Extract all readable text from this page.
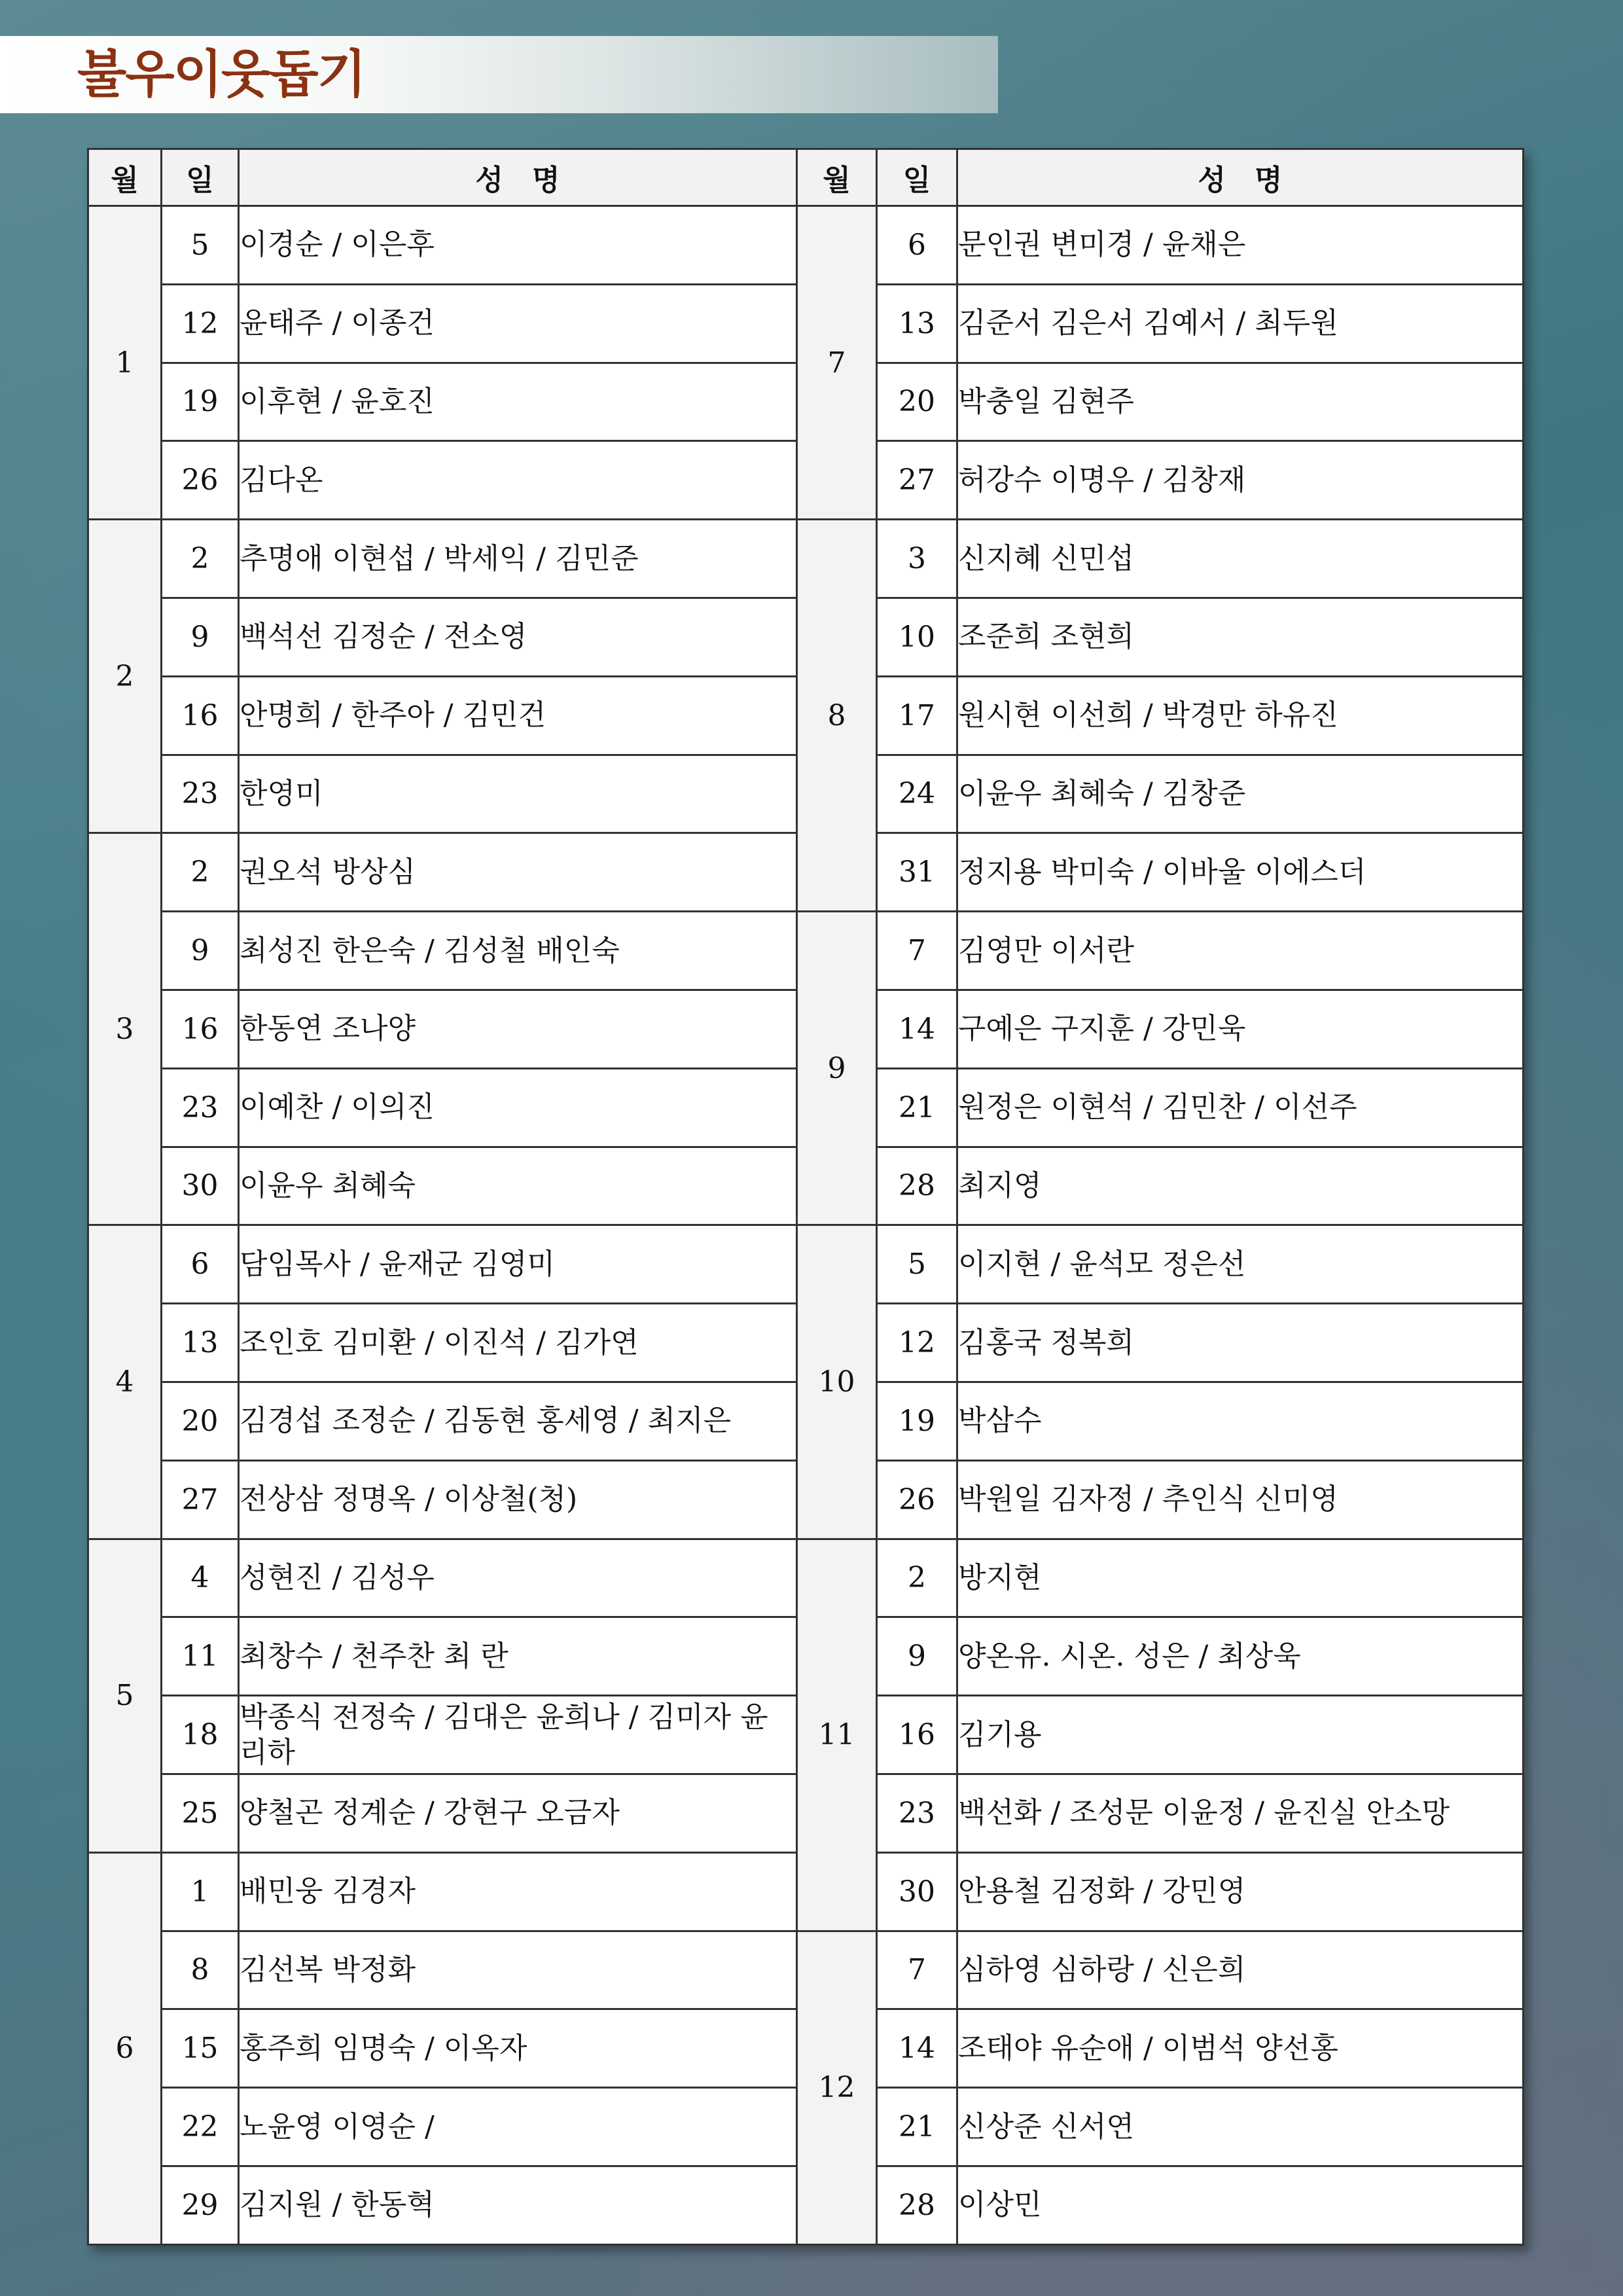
불우이웃돕기
월	일	성　명	월	일	성　명
1	5	이경순 / 이은후	7	6	문인권 변미경 / 윤채은
	12	윤태주 / 이종건		13	김준서 김은서 김예서 / 최두원
	19	이후현 / 윤호진		20	박충일 김현주
	26	김다온		27	허강수 이명우 / 김창재
2	2	추명애 이현섭 / 박세익 / 김민준	8	3	신지혜 신민섭
	9	백석선 김정순 / 전소영		10	조준희 조현희
	16	안명희 / 한주아 / 김민건		17	원시현 이선희 / 박경만 하유진
	23	한영미		24	이윤우 최혜숙 / 김창준
3	2	권오석 방상심		31	정지용 박미숙 / 이바울 이에스더
	9	최성진 한은숙 / 김성철 배인숙	9	7	김영만 이서란
	16	한동연 조나양		14	구예은 구지훈 / 강민욱
	23	이예찬 / 이의진		21	원정은 이현석 / 김민찬 / 이선주
	30	이윤우 최혜숙		28	최지영
4	6	담임목사 / 윤재군 김영미	10	5	이지현 / 윤석모 정은선
	13	조인호 김미환 / 이진석 / 김가연		12	김홍국 정복희
	20	김경섭 조정순 / 김동현 홍세영 / 최지은		19	박삼수
	27	전상삼 정명옥 / 이상철(청)		26	박원일 김자정 / 추인식 신미영
5	4	성현진 / 김성우	11	2	방지현
	11	최창수 / 천주찬 최 란		9	양온유. 시온. 성은 / 최상욱
	18	박종식 전정숙 / 김대은 윤희나 / 김미자 윤리하		16	김기용
	25	양철곤 정계순 / 강현구 오금자		23	백선화 / 조성문 이윤정 / 윤진실 안소망
6	1	배민웅 김경자		30	안용철 김정화 / 강민영
	8	김선복 박정화	12	7	심하영 심하랑 / 신은희
	15	홍주희 임명숙 / 이옥자		14	조태야 유순애 / 이범석 양선홍
	22	노윤영 이영순 /		21	신상준 신서연
	29	김지원 / 한동혁		28	이상민
